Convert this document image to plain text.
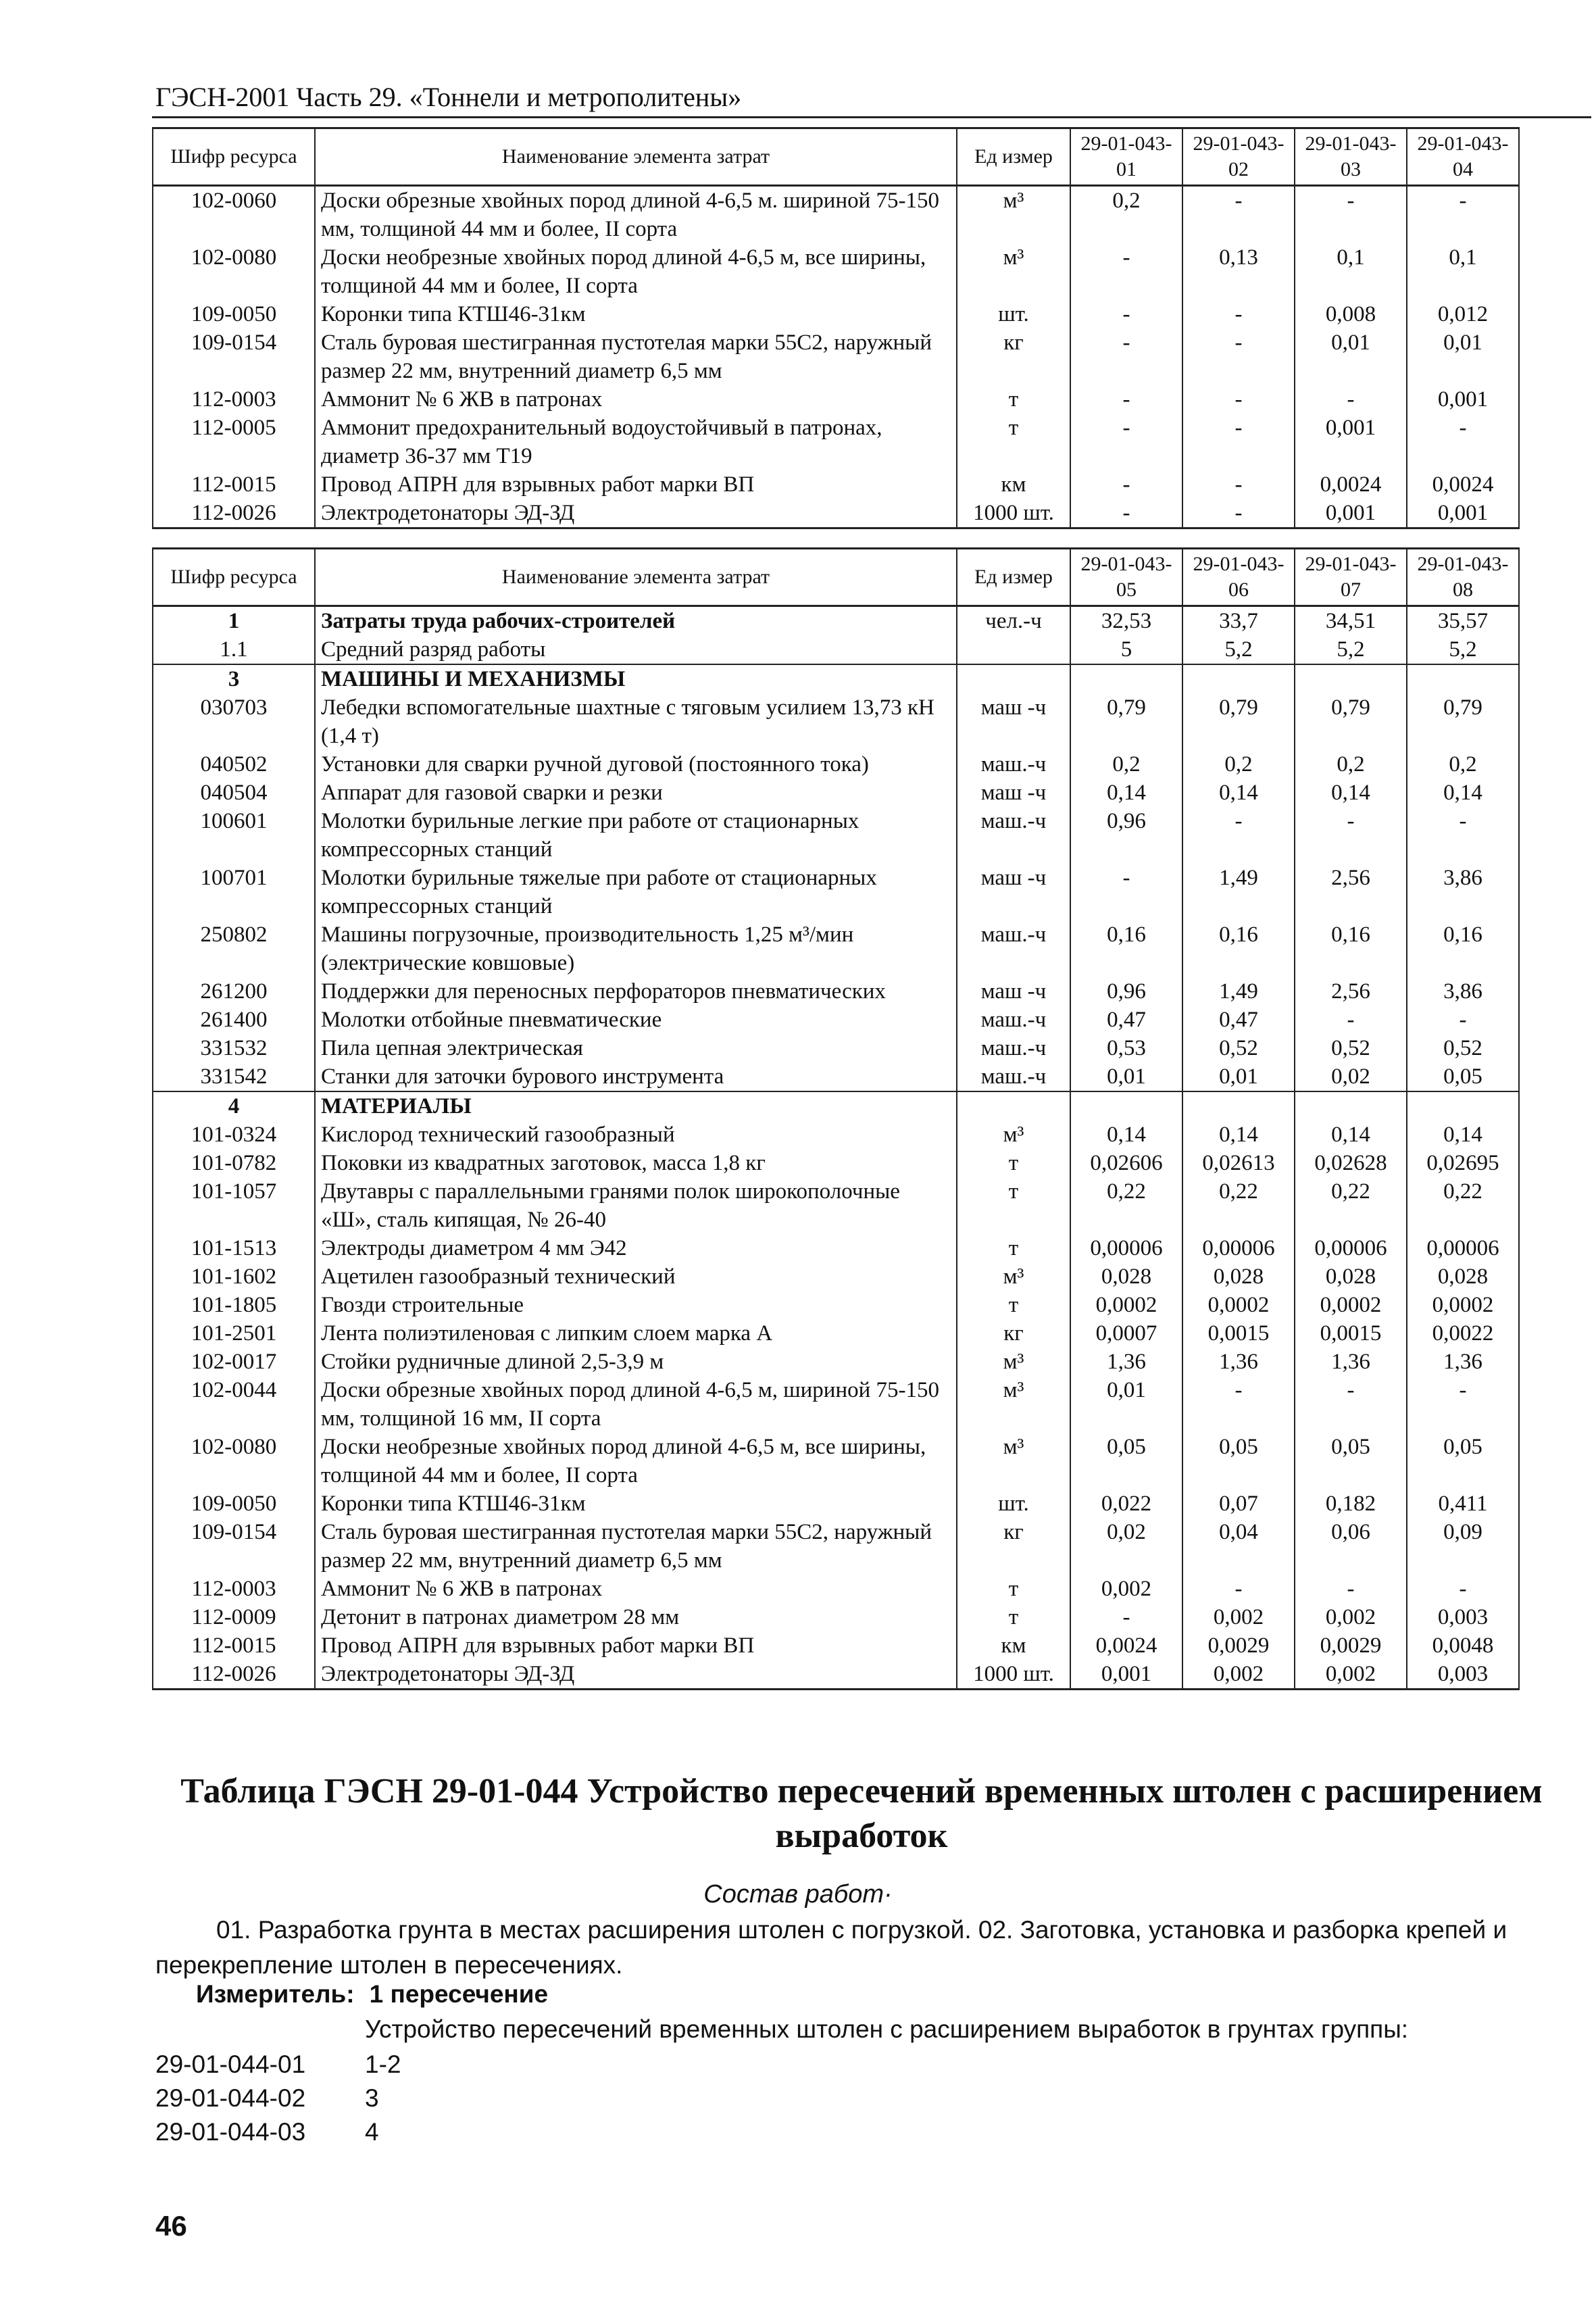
ГЭСН-2001 Часть 29. «Тоннели и метрополитены»
Шифр ресурса	Наименование элемента затрат	Ед измер	29-01-043-01	29-01-043-02	29-01-043-03	29-01-043-04
102-0060	Доски обрезные хвойных пород длиной 4-6,5 м. шириной 75-150 мм, толщиной 44 мм и более, II сорта	м³	0,2	-	-	-
102-0080	Доски необрезные хвойных пород длиной 4-6,5 м, все ширины, толщиной 44 мм и более, II сорта	м³	-	0,13	0,1	0,1
109-0050	Коронки типа КТШ46-31км	шт.	-	-	0,008	0,012
109-0154	Сталь буровая шестигранная пустотелая марки 55С2, наружный размер 22 мм, внутренний диаметр 6,5 мм	кг	-	-	0,01	0,01
112-0003	Аммонит № 6 ЖВ в патронах	т	-	-	-	0,001
112-0005	Аммонит предохранительный водоустойчивый в патронах, диаметр 36-37 мм Т19	т	-	-	0,001	-
112-0015	Провод АПРН для взрывных работ марки ВП	км	-	-	0,0024	0,0024
112-0026	Электродетонаторы ЭД-ЗД	1000 шт.	-	-	0,001	0,001
Шифр ресурса	Наименование элемента затрат	Ед измер	29-01-043-05	29-01-043-06	29-01-043-07	29-01-043-08
1	Затраты труда рабочих-строителей	чел.-ч	32,53	33,7	34,51	35,57
1.1	Средний разряд работы		5	5,2	5,2	5,2
3	МАШИНЫ И МЕХАНИЗМЫ					
030703	Лебедки вспомогательные шахтные с тяговым усилием 13,73 кН (1,4 т)	маш -ч	0,79	0,79	0,79	0,79
040502	Установки для сварки ручной дуговой (постоянного тока)	маш.-ч	0,2	0,2	0,2	0,2
040504	Аппарат для газовой сварки и резки	маш -ч	0,14	0,14	0,14	0,14
100601	Молотки бурильные легкие при работе от стационарных компрессорных станций	маш.-ч	0,96	-	-	-
100701	Молотки бурильные тяжелые при работе от стационарных компрессорных станций	маш -ч	-	1,49	2,56	3,86
250802	Машины погрузочные, производительность 1,25 м³/мин (электрические ковшовые)	маш.-ч	0,16	0,16	0,16	0,16
261200	Поддержки для переносных перфораторов пневматических	маш -ч	0,96	1,49	2,56	3,86
261400	Молотки отбойные пневматические	маш.-ч	0,47	0,47	-	-
331532	Пила цепная электрическая	маш.-ч	0,53	0,52	0,52	0,52
331542	Станки для заточки бурового инструмента	маш.-ч	0,01	0,01	0,02	0,05
4	МАТЕРИАЛЫ					
101-0324	Кислород технический газообразный	м³	0,14	0,14	0,14	0,14
101-0782	Поковки из квадратных заготовок, масса 1,8 кг	т	0,02606	0,02613	0,02628	0,02695
101-1057	Двутавры с параллельными гранями полок широкополочные «Ш», сталь кипящая, № 26-40	т	0,22	0,22	0,22	0,22
101-1513	Электроды диаметром 4 мм Э42	т	0,00006	0,00006	0,00006	0,00006
101-1602	Ацетилен газообразный технический	м³	0,028	0,028	0,028	0,028
101-1805	Гвозди строительные	т	0,0002	0,0002	0,0002	0,0002
101-2501	Лента полиэтиленовая с липким слоем марка А	кг	0,0007	0,0015	0,0015	0,0022
102-0017	Стойки рудничные длиной 2,5-3,9 м	м³	1,36	1,36	1,36	1,36
102-0044	Доски обрезные хвойных пород длиной 4-6,5 м, шириной 75-150 мм, толщиной 16 мм, II сорта	м³	0,01	-	-	-
102-0080	Доски необрезные хвойных пород длиной 4-6,5 м, все ширины, толщиной 44 мм и более, II сорта	м³	0,05	0,05	0,05	0,05
109-0050	Коронки типа КТШ46-31км	шт.	0,022	0,07	0,182	0,411
109-0154	Сталь буровая шестигранная пустотелая марки 55С2, наружный размер 22 мм, внутренний диаметр 6,5 мм	кг	0,02	0,04	0,06	0,09
112-0003	Аммонит № 6 ЖВ в патронах	т	0,002	-	-	-
112-0009	Детонит в патронах диаметром 28 мм	т	-	0,002	0,002	0,003
112-0015	Провод АПРН для взрывных работ марки ВП	км	0,0024	0,0029	0,0029	0,0048
112-0026	Электродетонаторы ЭД-ЗД	1000 шт.	0,001	0,002	0,002	0,003
Таблица ГЭСН 29-01-044 Устройство пересечений временных штолен с расширением выработок
Состав работ·
01. Разработка грунта в местах расширения штолен с погрузкой. 02. Заготовка, установка и разборка крепей и перекрепление штолен в пересечениях.
Измеритель: 1 пересечение
Устройство пересечений временных штолен с расширением выработок в грунтах группы:
29-01-044-01 1-2
29-01-044-02 3
29-01-044-03 4
46
